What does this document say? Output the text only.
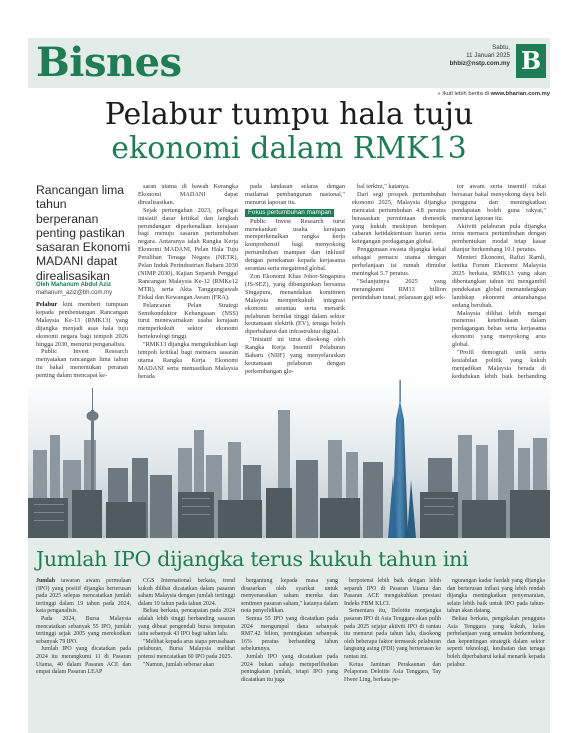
Bisnes	Sabtu,
11 Januari 2025
bhbiz@nstp.com.my B
» Ikuti lebih berita di www.bharian.com.my
Pelabur tumpu hala tuju
ekonomi dalam RMK13
Rancangan lima tahun berperanan penting pastikan sasaran Ekonomi MADANI dapat direalisasikan
Oleh Mahanum Abdul Aziz
mahanum_aziz@bh.com.my

Pelabur kini memberi tumpuan kepada pembentangan Rancangan Malaysia Ke-13 (RMK13) yang dijangka menjadi asas hala tuju ekonomi negara bagi tempoh 2026 hingga 2030, menurut penganalisis.

Public Invest Research menyatakan rancangan lima tahun itu bakal menentukan peranan penting dalam mencapai ke-

saran utama di bawah Kerangka Ekonomi MADANI dapat direalisasikan.

Sejak pertengahan 2023, pelbagai inisiatif dasar kritikal dan langkah perundangan diperkenalkan kerajaan bagi menuju sasaran pertumbuhan negara. Antaranya ialah Rangka Kerja Ekonomi MADANI, Pelan Hala Tuju Peralihan Tenaga Negara (NETR), Pelan Induk Perindustrian Baharu 2030 (NIMP 2030), Kajian Separuh Penggal Rancangan Malaysia Ke-12 (RMKe12 MTR), serta Akta Tanggungjawab Fiskal dan Kewangan Awam (FRA).

Pelancaran Pelan Strategi Semikonduktor Kebangsaan (NSS) turut menewarnakan usaha kerajaan memperkukuh sektor ekonomi berteknologi tinggi.

"RMK13 dijangka mengukuhkan lagi tempoh kritikal bagi memacu sasaran utama Rangka Kerja Ekonomi MADANI serta memastikan Malaysia berada

pada landasan selaras dengan matlamat pembangunan nasional," menurut laporan itu.

Fokus pertumbuhan mampan

Public Invest Research turut menekankan usaha kerajaan memperkenalkan rangka kerja komprehensif bagi menyokong pertumbuhan mampan dan inklusif dengan penekanan kepada kerjasama serantau serta megatrend global.

Zon Ekonomi Khas Johor-Singapura (JS-SEZ), yang dibangunkan bersama Singapura, menandakan komitmen Malaysia memperkukuh integrasi ekonomi serantau serta menarik pelaburan bernilai tinggi dalam sektor keutamaan elektrik (EV), tenaga boleh diperbaharui dan infrastruktur digital.

"Inisiatif ini turut disokong oleh Rangka Kerja Insentif Pelaburan Baharu (NIIF) yang menyelaraskan keutamaan pelaburan dengan perkembangan glo-

bal terkini," katanya.

Dari segi prospek pertumbuhan ekonomi 2025, Malaysia dijangka mencatat pertumbuhan 4.8 peratus berasaskan permintaan domestik yang kukuh meskipun berdepan cabaran ketidaktentuan luaran serta ketegangan perdagangan global.

Penggunaan swasta dijangka kekal sebagai pemacu utama dengan perbelanjaan isi rumah dimulur meningkat 5.7 peratus.

"Selanjutnya 2025 yang merangkumi RM13 billion penindahan tunai, pelarasan gaji sek-

tor awam serta insentif cukai bersasar bakal menyokong daya beli pengguna dan meningkatkan pendapatan boleh guna rakyat," menurut laporan itu.

Aktiviti pelaburan pula dijangka terus memacu pertumbuhan dengan pembentukan modal tetap kasar dianjur berkembang 10.1 peratus.

Menteri Ekonomi, Rafizi Ramli, ketika Forum Ekonomi Malaysia 2025 berkata, RMK13 yang akan dibentangkan tahun ini mengambil pendekatan global memandangkan landskap ekonomi antarabangsa sedang berubah.

Malaysia dilihat lebih mengai menerusi keterbukaan dalam perdagangan bebas serta kerjasama ekonomi yang menyokong arus global.

"Profil demografi unik serta kestabilan politik yang kukuh menjadikan Malaysia berada di kedudukan lebih baik berbanding

Jumlah IPO dijangka terus kukuh tahun ini

Jumlah tawaran awam permulaan (IPO) yang positif dijangka berterusan pada 2025 selepas mencatatkan jumlah tertinggi dalam 19 tahun pada 2024, kata penganalisis.

Pada 2024, Bursa Malaysia mencatatkan sebanyak 55 IPO, jumlah tertinggi sejak 2005 yang merekodkan sebanyak 79 IPO.

Jumlah IPO yang dicatatkan pada 2024 itu merangkumi 11 di Pasaran Utama, 40 dalam Pasaran ACE dan empat dalam Pasaran LEAP

CGS International berkata, trend kukuh dilihat dicatatkan dalam pasaran saham Malaysia dengan jumlah tertinggi dalam 19 tahun pada tahun 2024.

Beliau berkata, pencapaian pada 2024 adalah lebih tinggi berbanding sasaran yang dibuat pengendali bursa tempatan iaitu sebanyak 43 IPO bagi tahun lalu.

"Melihat kepada arus siapa perusahaan pelaburan, Bursa Malaysia melihat potensi mencatatkan 60 IPO pada 2025.

"Namun, jumlah sebenar akan

bergantung kepada masa yang disasarkan oleh syarikat untuk menyenaraikan saham mereka dan sentimen pasaran saham," katanya dalam nota penyelidikan.

Semua 55 IPO yang dicatatkan pada 2024 mengumpul dana sebanyak RM7.42 bilion, peningkatan sebanyak 16% peratus berbanding tahun sebelumnya.

Jumlah IPO yang dicatatkan pada 2024 bukan sahaja memperlihatkan peningkatan jumlah, tetapi IPO yang dicatatkan itu juga

berpotensi lebih baik dengan lebih separuh IPO di Pasaran Utama dan Pasaran ACE mengukuhkan prestasi Indeks FBM KLCI.

Sementara itu, Deloitte menjangka pasaran IPO di Asia Tenggara akan pulih pada 2025 sejajar aktiviti IPO di rantau itu menurut pada tahun lalu, disokong oleh beberapa faktor termasuk pelaburan langsung asing (FDI) yang berterusan ke rantau ini.

Ketua Jaminan Perakaunan dan Pelaporan Deloitte Asia Tenggara, Tay Hwee Ling, berkata pe-

ngurangan kadar faedah yang dijangka dan berterusan inflasi yang lebih rendah dijangka meningkatkan penyenaraian, selain lebih baik untuk IPO pada tahun-tahun akan datang.

Beliau berkata, pengekalan pengguna Asia Tenggara yang kukuh, kelas perbelanjaan yang semakin berkembang, dan kepentingan strategik dalam sektor seperti teknologi, kesihatan dan tenaga boleh diperbaharui kekal menarik kepada pelabur.
